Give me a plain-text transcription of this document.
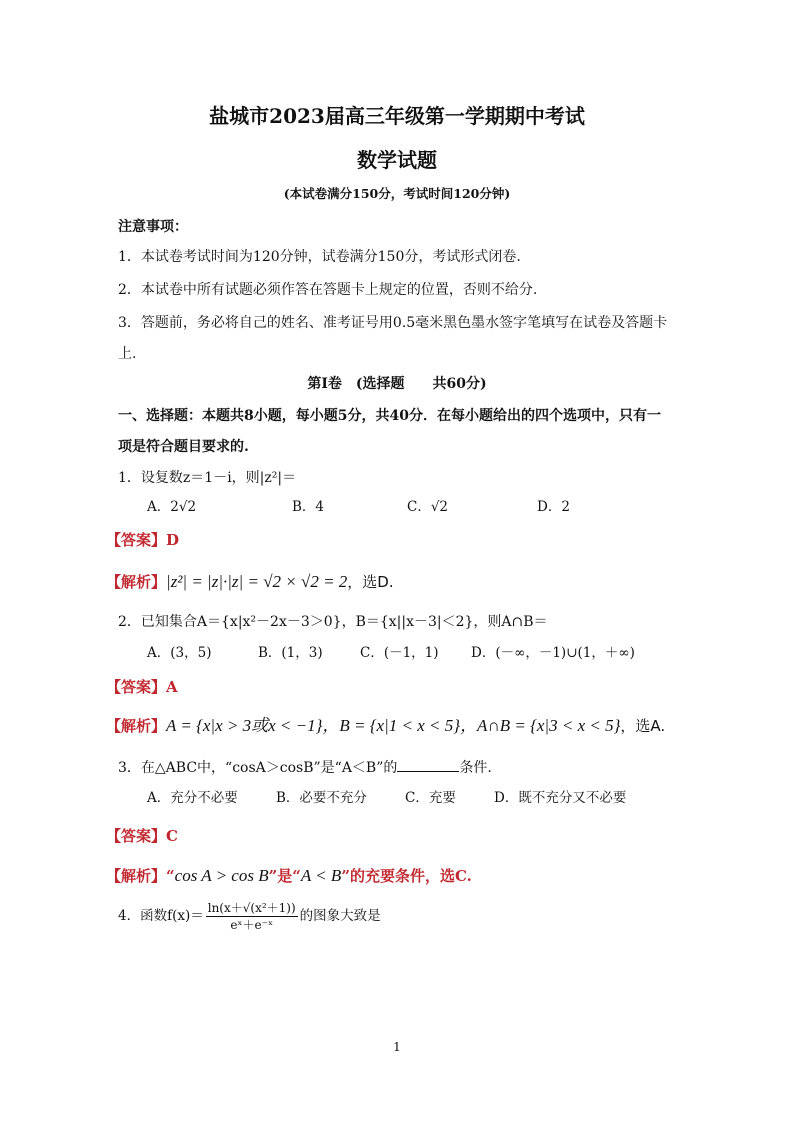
盐城市2023届高三年级第一学期期中考试
数学试题
(本试卷满分150分，考试时间120分钟)
注意事项：
1．本试卷考试时间为120分钟，试卷满分150分，考试形式闭卷.
2．本试卷中所有试题必须作答在答题卡上规定的位置，否则不给分.
3．答题前，务必将自己的姓名、准考证号用0.5毫米黑色墨水签字笔填写在试卷及答题卡
上.
第Ⅰ卷　(选择题　　共60分)
一、选择题：本题共8小题，每小题5分，共40分．在每小题给出的四个选项中，只有一
项是符合题目要求的.
1．设复数z＝1－i，则|z²|＝
A．2√2	B．4	C．√2	D．2
【答案】D
【解析】|z²| = |z|·|z| = √2 × √2 = 2，选D.
2．已知集合A＝{x|x²－2x－3＞0}，B＝{x||x－3|＜2}，则A∩B＝
A．(3，5)	B．(1，3)	C．(－1，1) D．(－∞，－1)∪(1，＋∞)
【答案】A
【解析】A = {x|x > 3或x < −1}，B = {x|1 < x < 5}，A∩B = {x|3 < x < 5}，选A.
3．在△ABC中，“cosA＞cosB”是“A＜B”的	条件.
A．充分不必要	B．必要不充分	C．充要	D．既不充分又不必要
【答案】C
【解析】“cos A > cos B”是“A < B”的充要条件，选C.
4．函数$f(x)= \frac{\text{ln(x＋√(x²＋1))}}{\text{eˣ＋e⁻ˣ}}$ 的图象大致是
1
